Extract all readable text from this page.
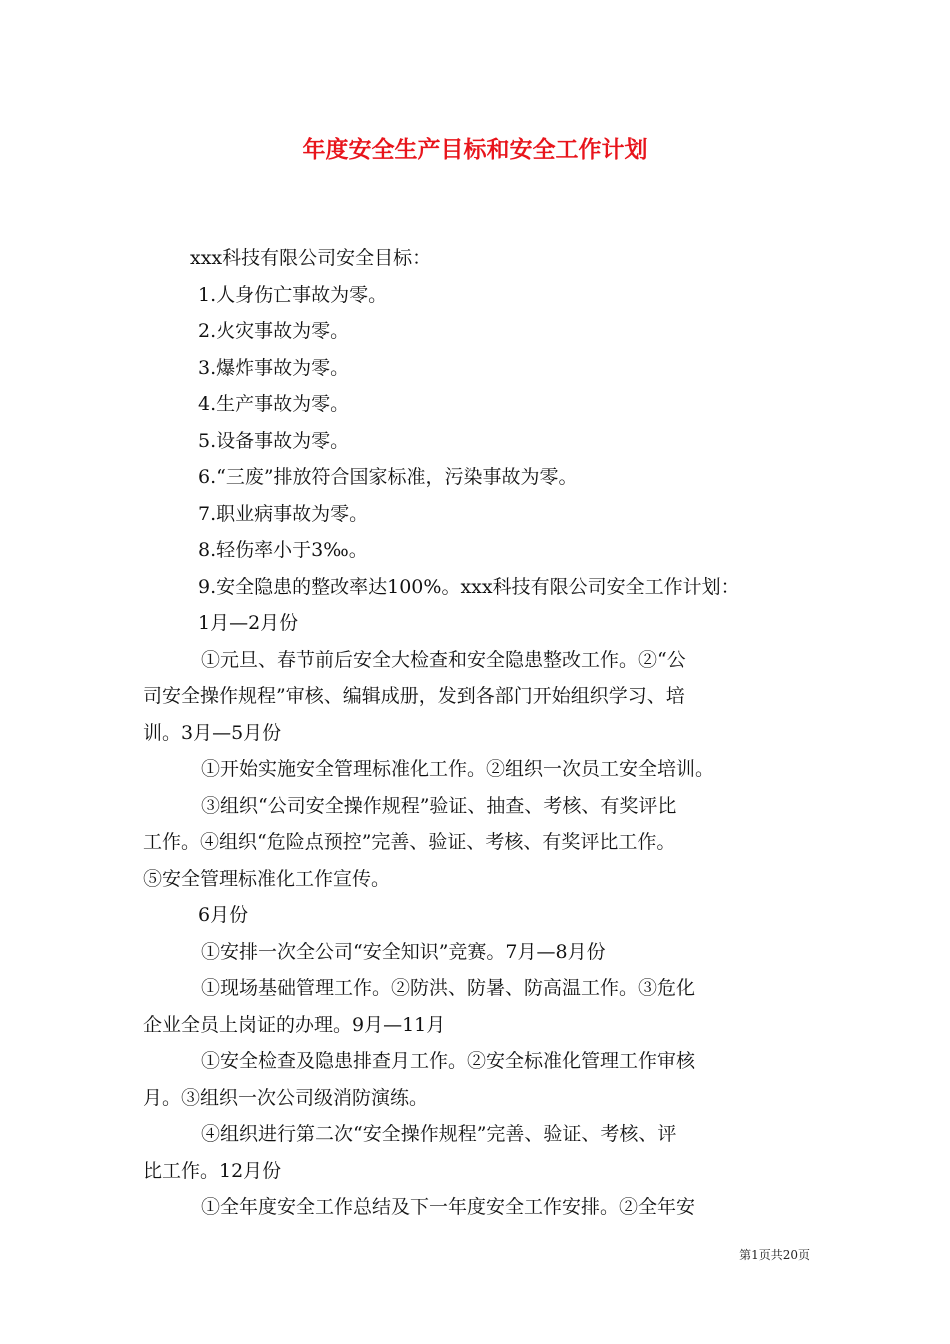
年度安全生产目标和安全工作计划
xxx科技有限公司安全目标：
1.人身伤亡事故为零。
2.火灾事故为零。
3.爆炸事故为零。
4.生产事故为零。
5.设备事故为零。
6.“三废”排放符合国家标准，污染事故为零。
7.职业病事故为零。
8.轻伤率小于3‰。
9.安全隐患的整改率达100%。xxx科技有限公司安全工作计划：
1月—2月份
①元旦、春节前后安全大检查和安全隐患整改工作。②“公
司安全操作规程”审核、编辑成册，发到各部门开始组织学习、培
训。3月—5月份
①开始实施安全管理标准化工作。②组织一次员工安全培训。
③组织“公司安全操作规程”验证、抽查、考核、有奖评比
工作。④组织“危险点预控”完善、验证、考核、有奖评比工作。
⑤安全管理标准化工作宣传。
6月份
①安排一次全公司“安全知识”竞赛。7月—8月份
①现场基础管理工作。②防洪、防暑、防高温工作。③危化
企业全员上岗证的办理。9月—11月
①安全检查及隐患排查月工作。②安全标准化管理工作审核
月。③组织一次公司级消防演练。
④组织进行第二次“安全操作规程”完善、验证、考核、评
比工作。12月份
①全年度安全工作总结及下一年度安全工作安排。②全年安
第1页共20页
